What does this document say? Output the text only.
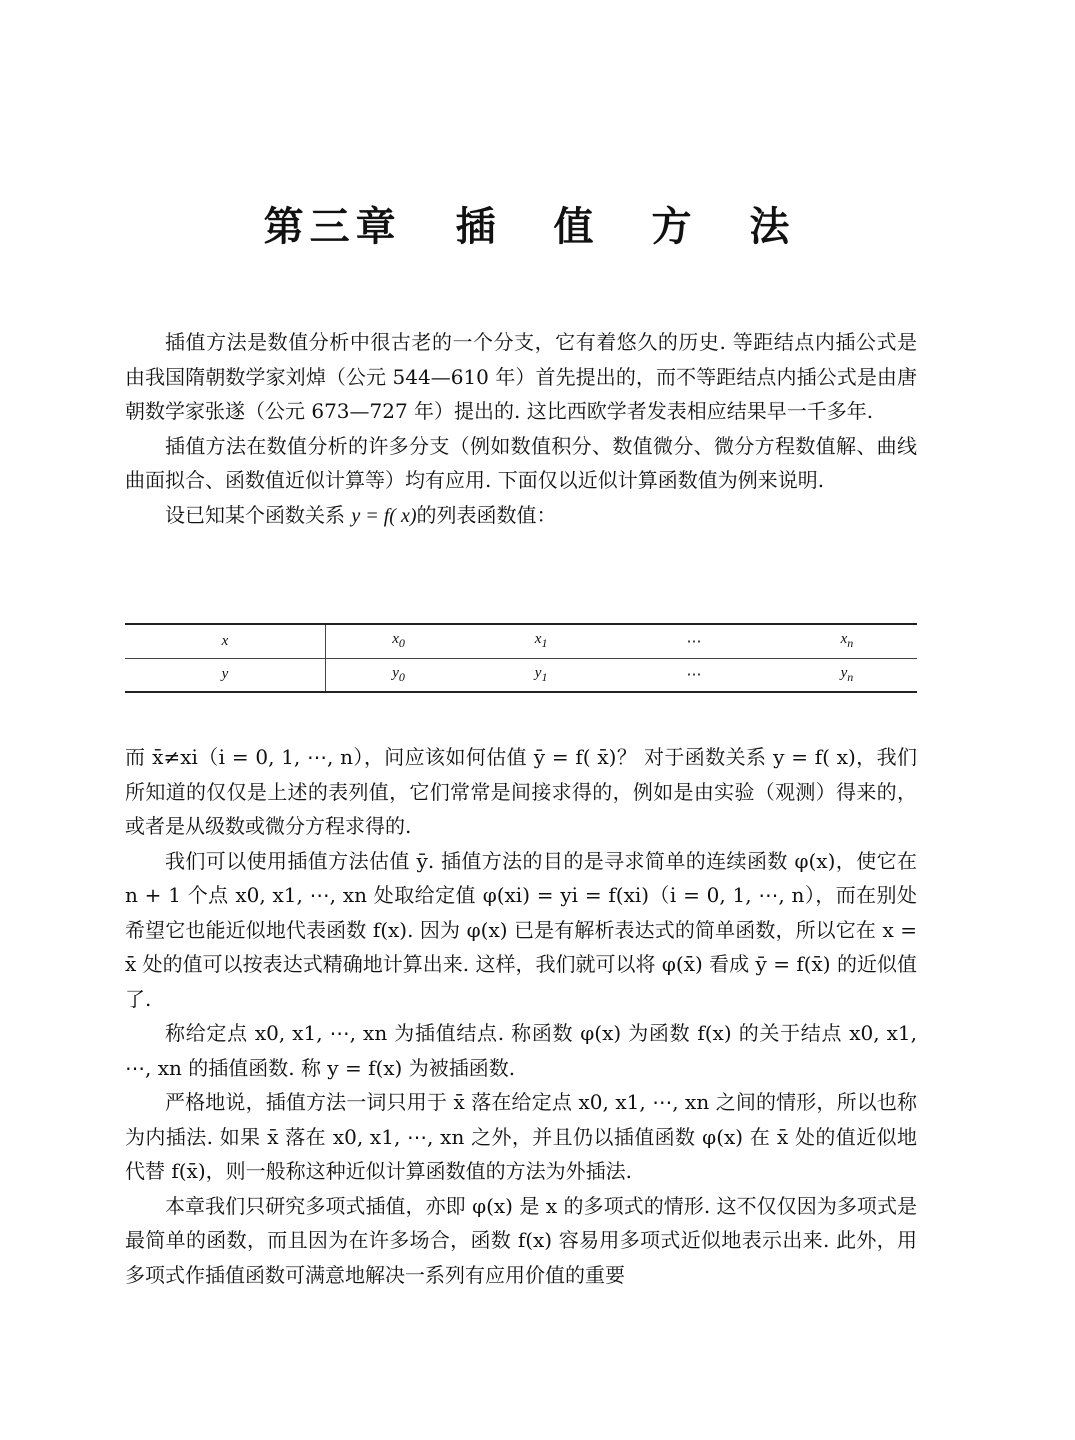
第三章 插 值 方 法

插值方法是数值分析中很古老的一个分支，它有着悠久的历史. 等距结点内插公式是由我国隋朝数学家刘焯（公元 544—610 年）首先提出的，而不等距结点内插公式是由唐朝数学家张遂（公元 673—727 年）提出的. 这比西欧学者发表相应结果早一千多年.

插值方法在数值分析的许多分支（例如数值积分、数值微分、微分方程数值解、曲线曲面拟合、函数值近似计算等）均有应用. 下面仅以近似计算函数值为例来说明.

设已知某个函数关系 y = f( x)的列表函数值：

x	$x_0$	$x_1$	⋯	$x_n$
y	$y_0$	$y_1$	⋯	$y_n$

而 x̄≠xi（i = 0, 1, ⋯, n），问应该如何估值 ȳ = f( x̄)？ 对于函数关系 y = f( x)，我们所知道的仅仅是上述的表列值，它们常常是间接求得的，例如是由实验（观测）得来的，或者是从级数或微分方程求得的.

我们可以使用插值方法估值 ȳ. 插值方法的目的是寻求简单的连续函数 φ(x)，使它在 n + 1 个点 x0, x1, ⋯, xn 处取给定值 φ(xi) = yi = f(xi)（i = 0, 1, ⋯, n），而在别处希望它也能近似地代表函数 f(x). 因为 φ(x) 已是有解析表达式的简单函数，所以它在 x = x̄ 处的值可以按表达式精确地计算出来. 这样，我们就可以将 φ(x̄) 看成 ȳ = f(x̄) 的近似值了.

称给定点 x0, x1, ⋯, xn 为插值结点. 称函数 φ(x) 为函数 f(x) 的关于结点 x0, x1, ⋯, xn 的插值函数. 称 y = f(x) 为被插函数.

严格地说，插值方法一词只用于 x̄ 落在给定点 x0, x1, ⋯, xn 之间的情形，所以也称为内插法. 如果 x̄ 落在 x0, x1, ⋯, xn 之外，并且仍以插值函数 φ(x) 在 x̄ 处的值近似地代替 f(x̄)，则一般称这种近似计算函数值的方法为外插法.

本章我们只研究多项式插值，亦即 φ(x) 是 x 的多项式的情形. 这不仅仅因为多项式是最简单的函数，而且因为在许多场合，函数 f(x) 容易用多项式近似地表示出来. 此外，用多项式作插值函数可满意地解决一系列有应用价值的重要
